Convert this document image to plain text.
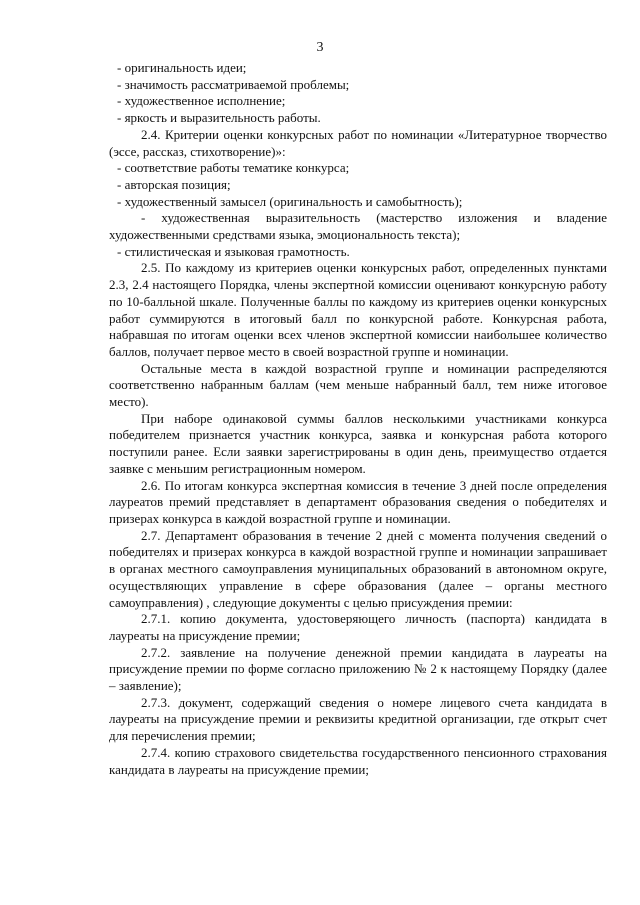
3

- оригинальность идеи;

- значимость рассматриваемой проблемы;

- художественное исполнение;

- яркость и выразительность работы.

2.4. Критерии оценки конкурсных работ по номинации «Литературное творчество (эссе, рассказ, стихотворение)»:

- соответствие работы тематике конкурса;

- авторская позиция;

- художественный замысел (оригинальность и самобытность);

- художественная выразительность (мастерство изложения и владение художественными средствами языка, эмоциональность текста);

- стилистическая и языковая грамотность.

2.5. По каждому из критериев оценки конкурсных работ, определенных пунктами 2.3, 2.4 настоящего Порядка, члены экспертной комиссии оценивают конкурсную работу по 10-балльной шкале. Полученные баллы по каждому из критериев оценки конкурсных работ суммируются в итоговый балл по конкурсной работе. Конкурсная работа, набравшая по итогам оценки всех членов экспертной комиссии наибольшее количество баллов, получает первое место в своей возрастной группе и номинации.

Остальные места в каждой возрастной группе и номинации распределяются соответственно набранным баллам (чем меньше набранный балл, тем ниже итоговое место).

При наборе одинаковой суммы баллов несколькими участниками конкурса победителем признается участник конкурса, заявка и конкурсная работа которого поступили ранее. Если заявки зарегистрированы в один день, преимущество отдается заявке с меньшим регистрационным номером.

2.6. По итогам конкурса экспертная комиссия в течение 3 дней после определения лауреатов премий представляет в департамент образования сведения о победителях и призерах конкурса в каждой возрастной группе и номинации.

2.7. Департамент образования в течение 2 дней с момента получения сведений о победителях и призерах конкурса в каждой возрастной группе и номинации запрашивает в органах местного самоуправления муниципальных образований в автономном округе, осуществляющих управление в сфере образования (далее – органы местного самоуправления) , следующие документы с целью присуждения премии:

2.7.1. копию документа, удостоверяющего личность (паспорта) кандидата в лауреаты на присуждение премии;

2.7.2. заявление на получение денежной премии кандидата в лауреаты на присуждение премии по форме согласно приложению № 2 к настоящему Порядку (далее – заявление);

2.7.3. документ, содержащий сведения о номере лицевого счета кандидата в лауреаты на присуждение премии и реквизиты кредитной организации, где открыт счет для перечисления премии;

2.7.4. копию страхового свидетельства государственного пенсионного страхования кандидата в лауреаты на присуждение премии;
